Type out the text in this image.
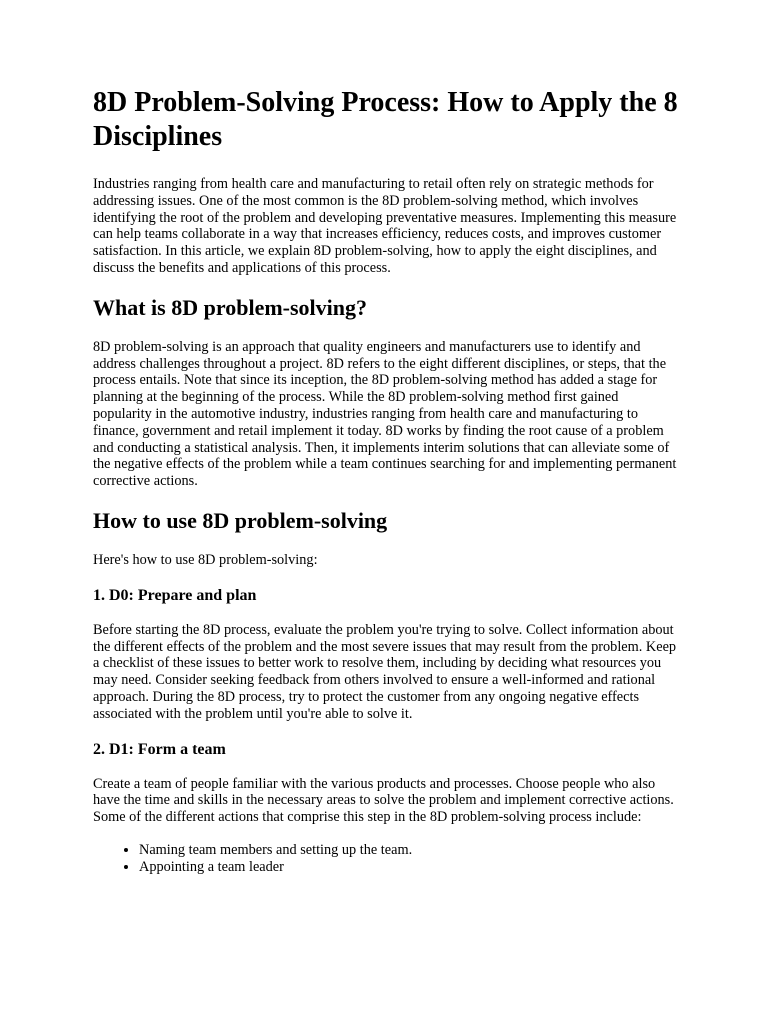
8D Problem-Solving Process: How to Apply the 8 Disciplines

Industries ranging from health care and manufacturing to retail often rely on strategic methods for addressing issues. One of the most common is the 8D problem-solving method, which involves identifying the root of the problem and developing preventative measures. Implementing this measure can help teams collaborate in a way that increases efficiency, reduces costs, and improves customer satisfaction. In this article, we explain 8D problem-solving, how to apply the eight disciplines, and discuss the benefits and applications of this process.

What is 8D problem-solving?

8D problem-solving is an approach that quality engineers and manufacturers use to identify and address challenges throughout a project. 8D refers to the eight different disciplines, or steps, that the process entails. Note that since its inception, the 8D problem-solving method has added a stage for planning at the beginning of the process. While the 8D problem-solving method first gained popularity in the automotive industry, industries ranging from health care and manufacturing to finance, government and retail implement it today. 8D works by finding the root cause of a problem and conducting a statistical analysis. Then, it implements interim solutions that can alleviate some of the negative effects of the problem while a team continues searching for and implementing permanent corrective actions.

How to use 8D problem-solving

Here's how to use 8D problem-solving:

1. D0: Prepare and plan

Before starting the 8D process, evaluate the problem you're trying to solve. Collect information about the different effects of the problem and the most severe issues that may result from the problem. Keep a checklist of these issues to better work to resolve them, including by deciding what resources you may need. Consider seeking feedback from others involved to ensure a well-informed and rational approach. During the 8D process, try to protect the customer from any ongoing negative effects associated with the problem until you're able to solve it.

2. D1: Form a team

Create a team of people familiar with the various products and processes. Choose people who also have the time and skills in the necessary areas to solve the problem and implement corrective actions. Some of the different actions that comprise this step in the 8D problem-solving process include:

• Naming team members and setting up the team.
• Appointing a team leader
